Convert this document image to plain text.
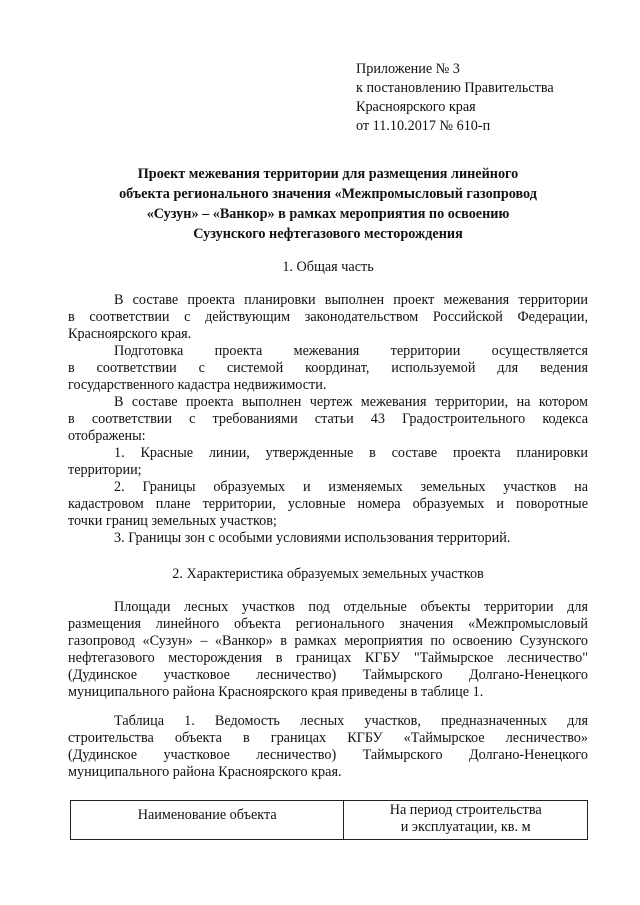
Приложение № 3
к постановлению Правительства
Красноярского края
от 11.10.2017 № 610-п
Проект межевания территории для размещения линейного
объекта регионального значения «Межпромысловый газопровод
«Сузун» – «Ванкор» в рамках мероприятия по освоению
Сузунского нефтегазового месторождения
1. Общая часть
В составе проекта планировки выполнен проект межевания территории
в соответствии с действующим законодательством Российской Федерации,
Красноярского края.
Подготовка проекта межевания территории осуществляется
в соответствии с системой координат, используемой для ведения
государственного кадастра недвижимости.
В составе проекта выполнен чертеж межевания территории, на котором
в соответствии с требованиями статьи 43 Градостроительного кодекса
отображены:
1. Красные линии, утвержденные в составе проекта планировки
территории;
2. Границы образуемых и изменяемых земельных участков на
кадастровом плане территории, условные номера образуемых и поворотные
точки границ земельных участков;
3. Границы зон с особыми условиями использования территорий.
2. Характеристика образуемых земельных участков
Площади лесных участков под отдельные объекты территории для
размещения линейного объекта регионального значения «Межпромысловый
газопровод «Сузун» – «Ванкор» в рамках мероприятия по освоению Сузунского
нефтегазового месторождения в границах КГБУ "Таймырское лесничество"
(Дудинское участковое лесничество) Таймырского Долгано-Ненецкого
муниципального района Красноярского края приведены в таблице 1.
Таблица 1. Ведомость лесных участков, предназначенных для
строительства объекта в границах КГБУ «Таймырское лесничество»
(Дудинское участковое лесничество) Таймырского Долгано-Ненецкого
муниципального района Красноярского края.
Наименование объекта	На период строительства
и эксплуатации, кв. м
